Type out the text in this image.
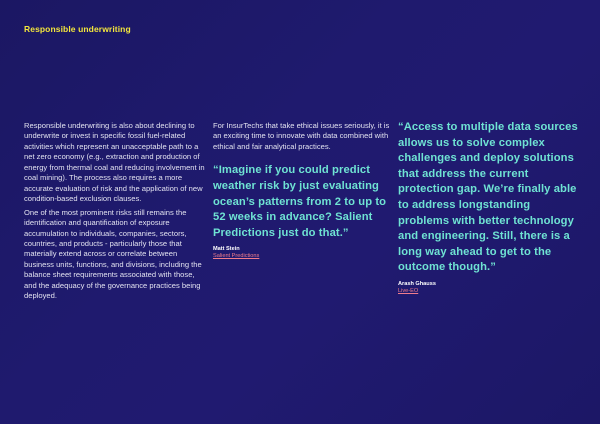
Responsible underwriting

Responsible underwriting is also about declining to underwrite or invest in specific fossil fuel-related activities which represent an unacceptable path to a net zero economy (e.g., extraction and production of energy from thermal coal and reducing involvement in coal mining). The process also requires a more accurate evaluation of risk and the application of new condition-based exclusion clauses.

One of the most prominent risks still remains the identification and quantification of exposure accumulation to individuals, companies, sectors, countries, and products - particularly those that materially extend across or correlate between business units, functions, and divisions, including the balance sheet requirements associated with those, and the adequacy of the governance practices being deployed.

For InsurTechs that take ethical issues seriously, it is an exciting time to innovate with data combined with ethical and fair analytical practices.

“Imagine if you could predict weather risk by just evaluating ocean’s patterns from 2 to up to 52 weeks in advance? Salient Predictions just do that.”
Matt Stein
Salient Predictions

“Access to multiple data sources allows us to solve complex challenges and deploy solutions that address the current protection gap. We’re finally able to address longstanding problems with better technology and engineering. Still, there is a long way ahead to get to the outcome though.”

Arash Ghauss
Live-EO
